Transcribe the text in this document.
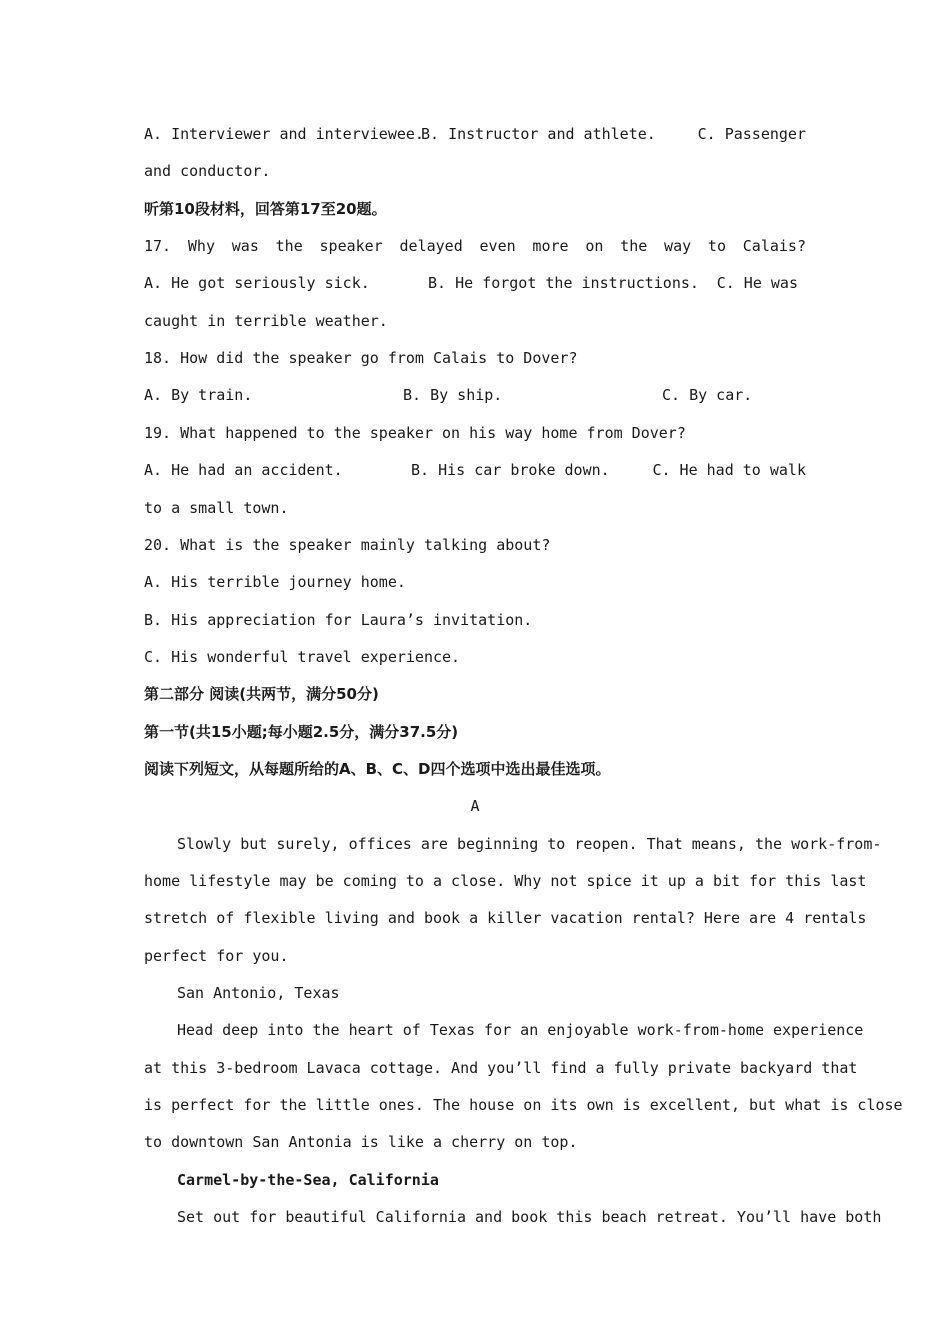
A. Interviewer and interviewee.
B. Instructor and athlete.	C. Passenger
and conductor.
听第10段材料，回答第17至20题。
17. Why was the speaker delayed even more on the way to Calais?
A. He got seriously sick.	B. He forgot the instructions. C. He was
caught in terrible weather.
18. How did the speaker go from Calais to Dover?
A. By train.	B. By ship.	C. By car.
19. What happened to the speaker on his way home from Dover?
A. He had an accident.	B. His car broke down.	C. He had to walk
to a small town.
20. What is the speaker mainly talking about?
A. His terrible journey home.
B. His appreciation for Laura’s invitation.
C. His wonderful travel experience.
第二部分 阅读(共两节，满分50分)
第一节(共15小题;每小题2.5分，满分37.5分)
阅读下列短文，从每题所给的A、B、C、D四个选项中选出最佳选项。
A
Slowly but surely, offices are beginning to reopen. That means, the work-from-
home lifestyle may be coming to a close. Why not spice it up a bit for this last
stretch of flexible living and book a killer vacation rental? Here are 4 rentals
perfect for you.
San Antonio, Texas
Head deep into the heart of Texas for an enjoyable work-from-home experience
at this 3-bedroom Lavaca cottage. And you’ll find a fully private backyard that
is perfect for the little ones. The house on its own is excellent, but what is close
to downtown San Antonia is like a cherry on top.
Carmel-by-the-Sea, California
Set out for beautiful California and book this beach retreat. You’ll have both
